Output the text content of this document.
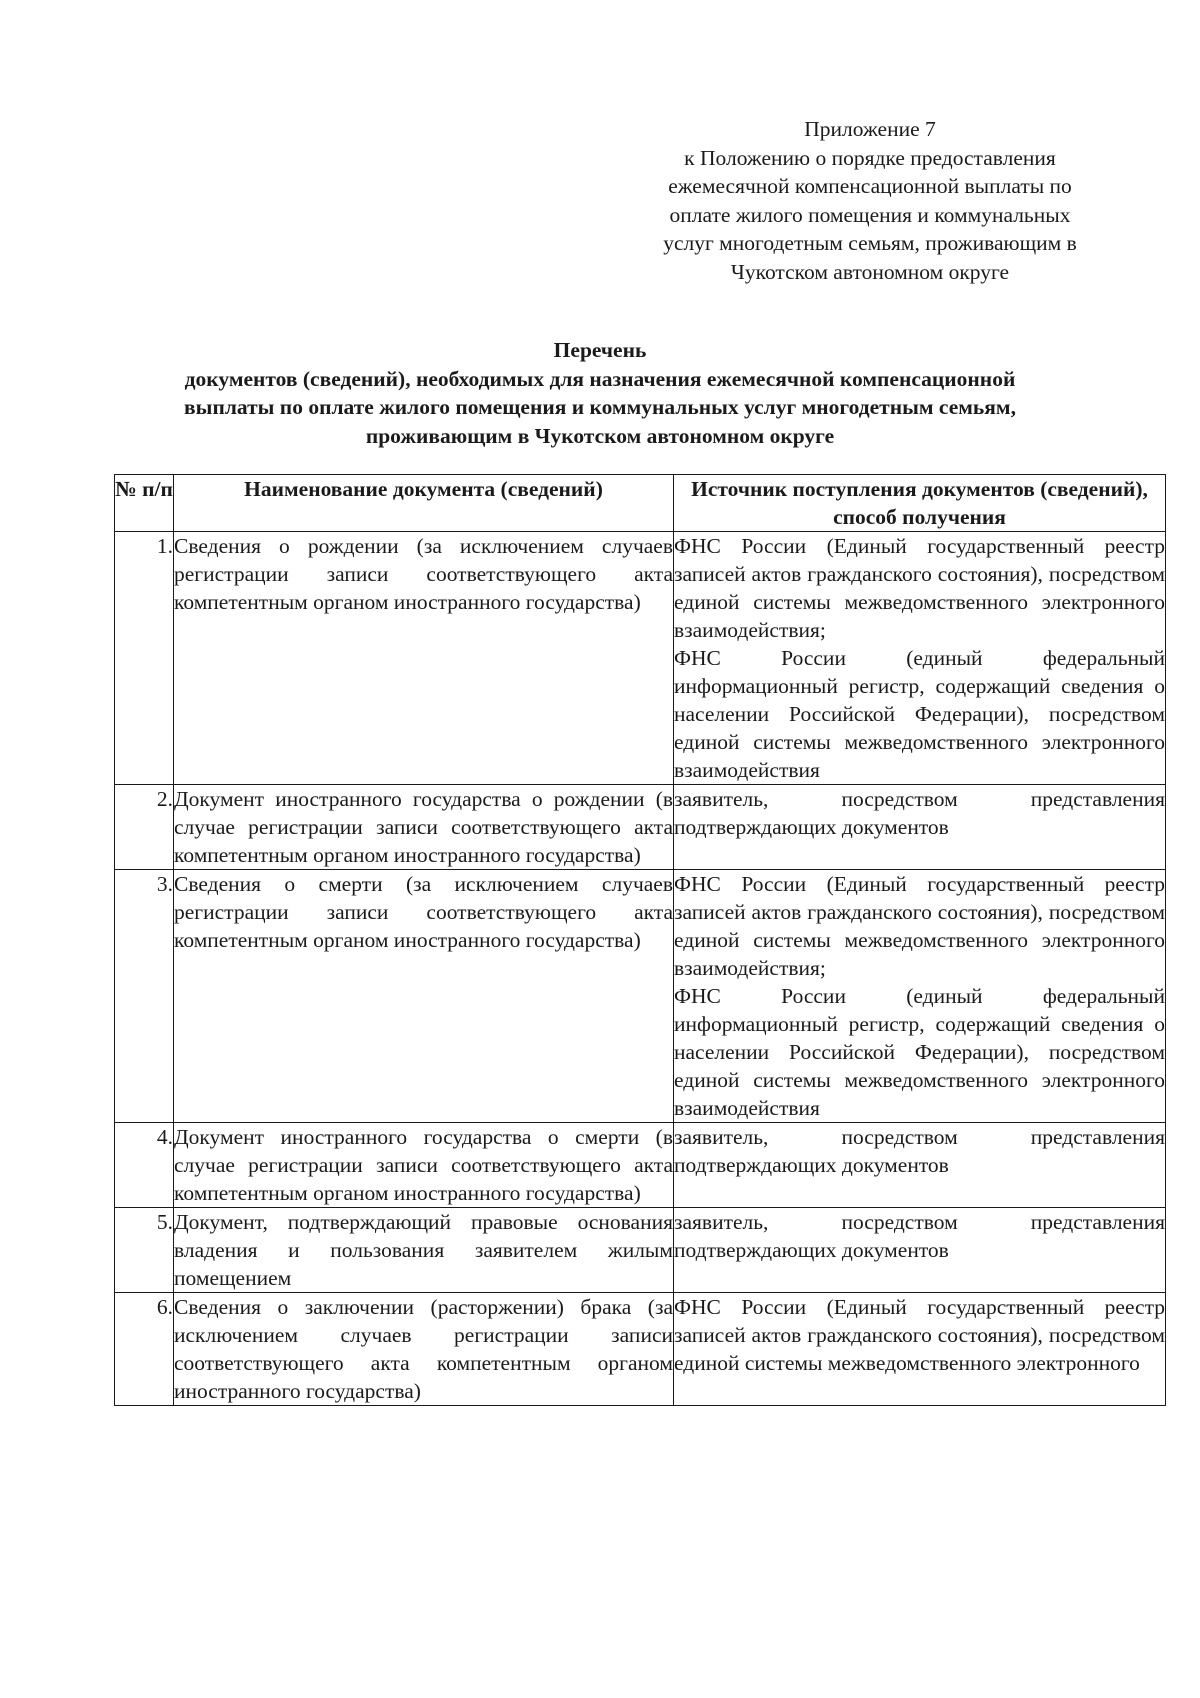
Приложение 7

к Положению о порядке предоставления

ежемесячной компенсационной выплаты по

оплате жилого помещения и коммунальных

услуг многодетным семьям, проживающим в

Чукотском автономном округе

Перечень

документов (сведений), необходимых для назначения ежемесячной компенсационной

выплаты по оплате жилого помещения и коммунальных услуг многодетным семьям,

проживающим в Чукотском автономном округе

№ п/п	Наименование документа (сведений)	Источник поступления документов (сведений), способ получения
1.	Сведения о рождении (за исключением случаев регистрации записи соответствующего акта компетентным органом иностранного государства)	ФНС России (Единый государственный реестр записей актов гражданского состояния), посредством единой системы межведомственного электронного взаимодействия;

ФНС России (единый федеральный информационный регистр, содержащий сведения о населении Российской Федерации), посредством единой системы межведомственного электронного взаимодействия

2.	Документ иностранного государства о рождении (в случае регистрации записи соответствующего акта компетентным органом иностранного государства)	заявитель, посредством представления подтверждающих документов

3.	Сведения о смерти (за исключением случаев регистрации записи соответствующего акта компетентным органом иностранного государства)	ФНС России (Единый государственный реестр записей актов гражданского состояния), посредством единой системы межведомственного электронного взаимодействия;

ФНС России (единый федеральный информационный регистр, содержащий сведения о населении Российской Федерации), посредством единой системы межведомственного электронного взаимодействия

4.	Документ иностранного государства о смерти (в случае регистрации записи соответствующего акта компетентным органом иностранного государства)	заявитель, посредством представления подтверждающих документов

5.	Документ, подтверждающий правовые основания владения и пользования заявителем жилым помещением	заявитель, посредством представления подтверждающих документов

6.	Сведения о заключении (расторжении) брака (за исключением случаев регистрации записи соответствующего акта компетентным органом иностранного государства)	ФНС России (Единый государственный реестр записей актов гражданского состояния), посредством единой системы межведомственного электронного
